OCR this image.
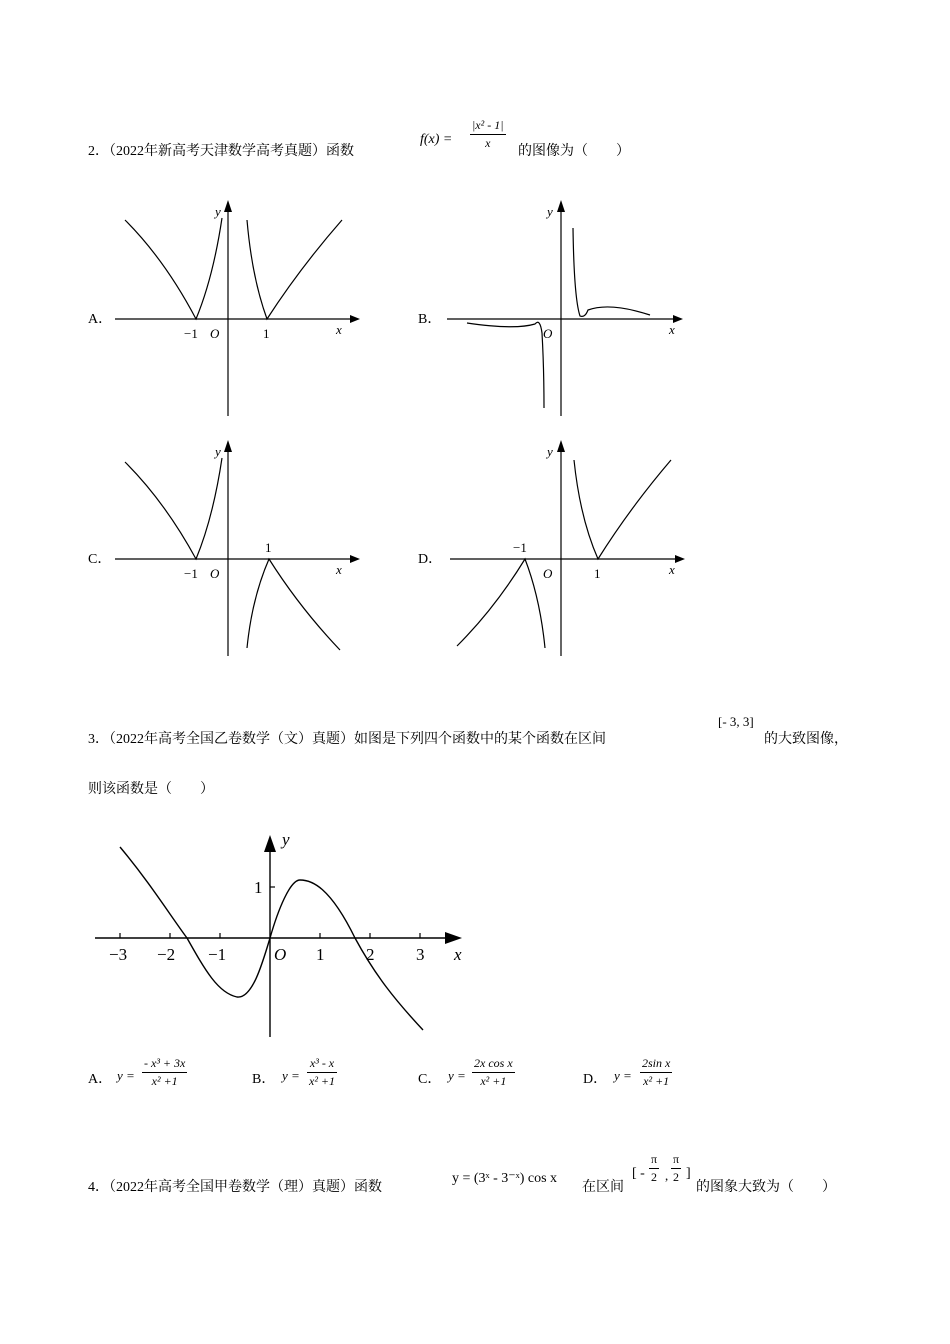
2．（2022年新高考天津数学高考真题）函数
f(x) =
|x² - 1|
x
的图像为（　　）
A．	B．
C．	D．
−1	1
O	x
y
O	x
y
−1
1
O	x
y
−1
1
O	x
y
3．（2022年高考全国乙卷数学（文）真题）如图是下列四个函数中的某个函数在区间
[- 3, 3]
的大致图像，
则该函数是（　　）
−3 −2 −1	1 2 3
1
O	x
y
A． y =
- x³ + 3x
x² +1	B． y =
x³ - x
x² +1	C． y =
2x cos x
x² +1	D． y =
2sin x
x² +1
4．（2022年高考全国甲卷数学（理）真题）函数
y = (3ˣ - 3⁻ˣ) cos x
在区间
[ -
π
2 ,
π
2 ]
的图象大致为（　　）
